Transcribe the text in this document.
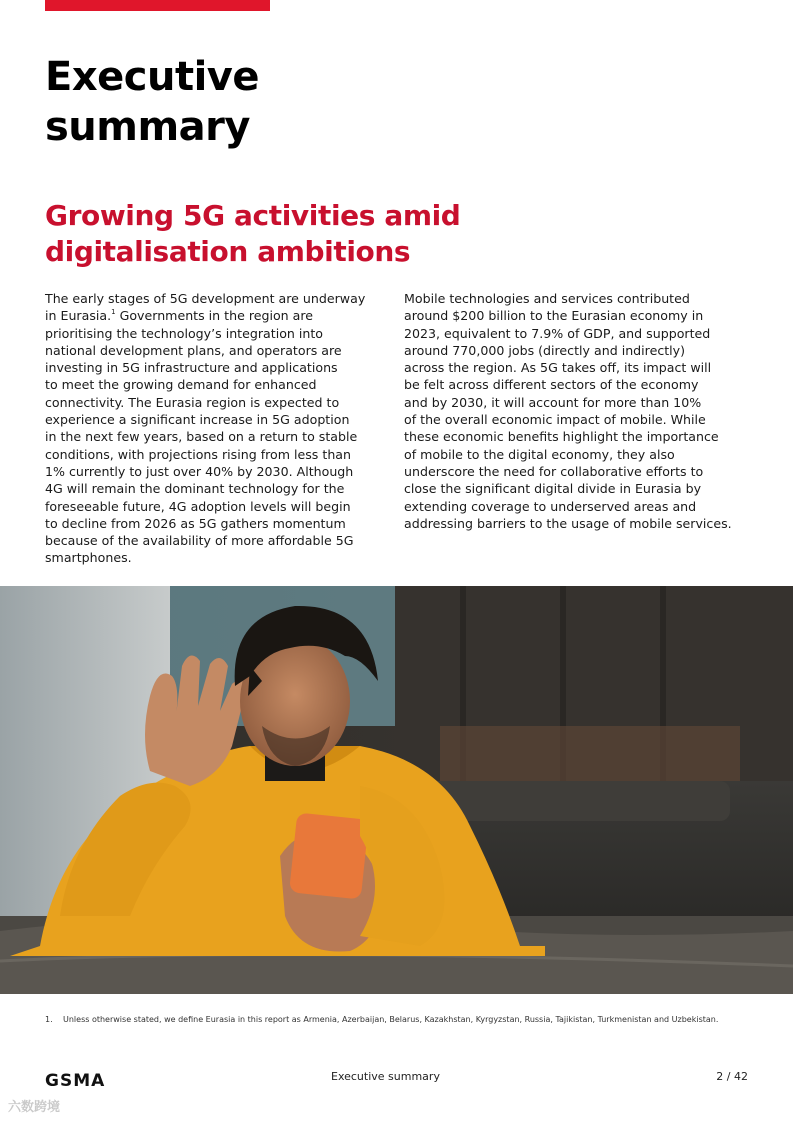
Executive
summary
Growing 5G activities amid
digitalisation ambitions
The early stages of 5G development are underway
in Eurasia.$^1$ Governments in the region are
prioritising the technology’s integration into
national development plans, and operators are
investing in 5G infrastructure and applications
to meet the growing demand for enhanced
connectivity. The Eurasia region is expected to
experience a significant increase in 5G adoption
in the next few years, based on a return to stable
conditions, with projections rising from less than
1% currently to just over 40% by 2030. Although
4G will remain the dominant technology for the
foreseeable future, 4G adoption levels will begin
to decline from 2026 as 5G gathers momentum
because of the availability of more affordable 5G
smartphones.
Mobile technologies and services contributed
around $200 billion to the Eurasian economy in
2023, equivalent to 7.9% of GDP, and supported
around 770,000 jobs (directly and indirectly)
across the region. As 5G takes off, its impact will
be felt across different sectors of the economy
and by 2030, it will account for more than 10%
of the overall economic impact of mobile. While
these economic benefits highlight the importance
of mobile to the digital economy, they also
underscore the need for collaborative efforts to
close the significant digital divide in Eurasia by
extending coverage to underserved areas and
addressing barriers to the usage of mobile services.
1. Unless otherwise stated, we define Eurasia in this report as Armenia, Azerbaijan, Belarus, Kazakhstan, Kyrgyzstan, Russia, Tajikistan, Turkmenistan and Uzbekistan.
GSMA	Executive summary	2 / 42
六数跨境
